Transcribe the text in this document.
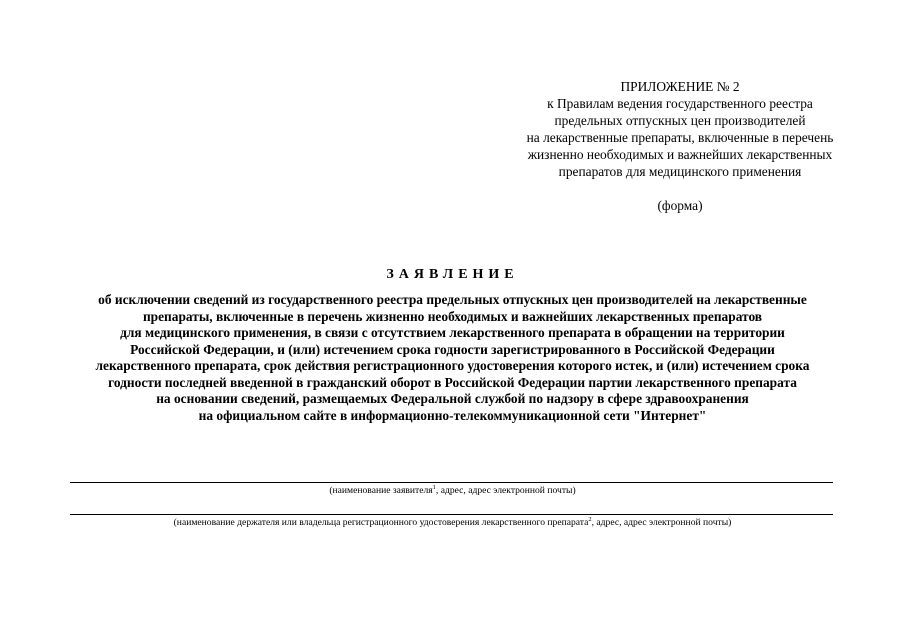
ПРИЛОЖЕНИЕ № 2
к Правилам ведения государственного реестра
предельных отпускных цен производителей
на лекарственные препараты, включенные в перечень
жизненно необходимых и важнейших лекарственных
препаратов для медицинского применения
(форма)
ЗАЯВЛЕНИЕ
об исключении сведений из государственного реестра предельных отпускных цен производителей на лекарственные
препараты, включенные в перечень жизненно необходимых и важнейших лекарственных препаратов
для медицинского применения, в связи с отсутствием лекарственного препарата в обращении на территории
Российской Федерации, и (или) истечением срока годности зарегистрированного в Российской Федерации
лекарственного препарата, срок действия регистрационного удостоверения которого истек, и (или) истечением срока
годности последней введенной в гражданский оборот в Российской Федерации партии лекарственного препарата
на основании сведений, размещаемых Федеральной службой по надзору в сфере здравоохранения
на официальном сайте в информационно-телекоммуникационной сети "Интернет"
(наименование заявителя$^1$, адрес, адрес электронной почты)
(наименование держателя или владельца регистрационного удостоверения лекарственного препарата$^2$, адрес, адрес электронной почты)
